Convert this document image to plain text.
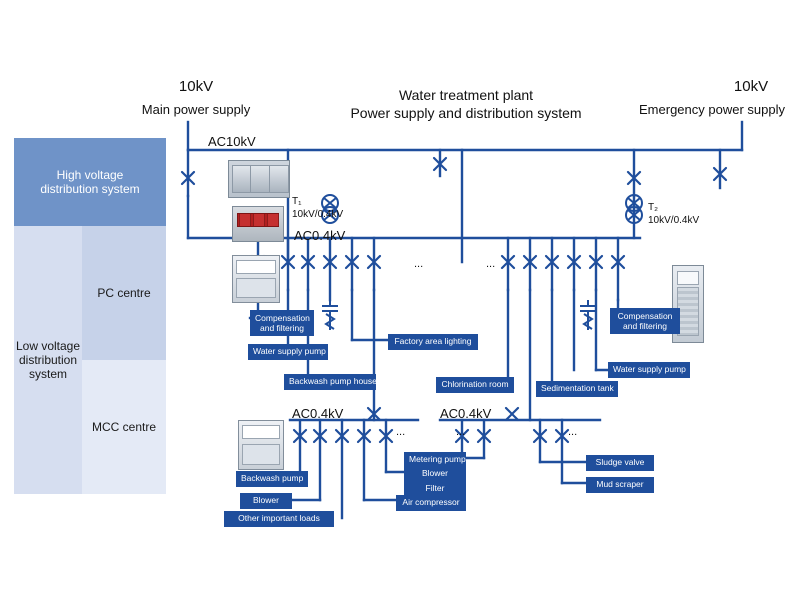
10kV
Main power supply
10kV
Emergency power supply
Water treatment plant
Power supply and distribution system
AC10kV
AC0.4kV
AC0.4kV	AC0.4kV
T₁
10kV/0.4kV
T₂
10kV/0.4kV
...	...
...	...	...
Compensation
and filtering
Water supply pump
Factory area lighting
Compensation
and filtering
Water supply pump
Backwash pump house	Chlorination room	Sedimentation tank
Backwash pump
Blower
Other important loads
Metering pump
Blower
Filter
Air compressor
Sludge valve
Mud scraper
High voltage
distribution system
Low voltage
distribution system
PC centre
MCC centre
